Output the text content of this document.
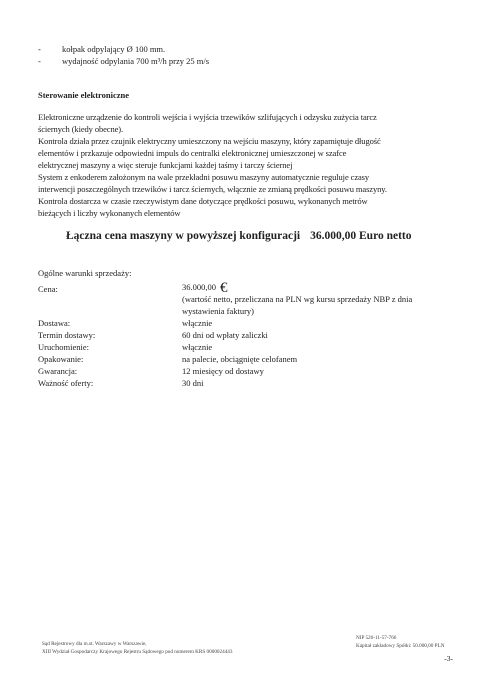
- kołpak odpylający Ø 100 mm.
- wydajność odpylania 700 m³/h przy 25 m/s
Sterowanie elektroniczne
Elektroniczne urządzenie do kontroli wejścia i wyjścia trzewików szlifujących i odzysku zużycia tarcz
ściernych (kiedy obecne).
Kontrola działa przez czujnik elektryczny umieszczony na wejściu maszyny, który zapamiętuje długość
elementów i przkazuje odpowiedni impuls do centralki elektronicznej umieszczonej w szafce
elektrycznej maszyny a więc steruje funkcjami każdej taśmy i tarczy ściernej
System z enkoderem założonym na wale przekładni posuwu maszyny automatycznie reguluje czasy
interwencji poszczególnych trzewików i tarcz ściernych, włącznie ze zmianą prędkości posuwu maszyny.
Kontrola dostarcza w czasie rzeczywistym dane dotyczące prędkości posuwu, wykonanych metrów
bieżących i liczby wykonanych elementów
Łączna cena maszyny w powyższej konfiguracji 36.000,00 Euro netto
Ogólne warunki sprzedaży:
Cena:	36.000,00 €
(wartość netto, przeliczana na PLN wg kursu sprzedaży NBP z dnia
wystawienia faktury)
Dostawa:	włącznie
Termin dostawy:	60 dni od wpłaty zaliczki
Uruchomienie:	włącznie
Opakowanie:	na palecie, obciągnięte celofanem
Gwarancja:	12 miesięcy od dostawy
Ważność oferty:	30 dni
Sąd Rejestrowy dla m.st. Warszawy w Warszawie,
XIII Wydział Gospodarczy Krajowego Rejestru Sądowego pod numerem KRS 0000024443
NIP 526-11-57-766
Kapitał zakładowy Spółki: 50.000,00 PLN
-3-
